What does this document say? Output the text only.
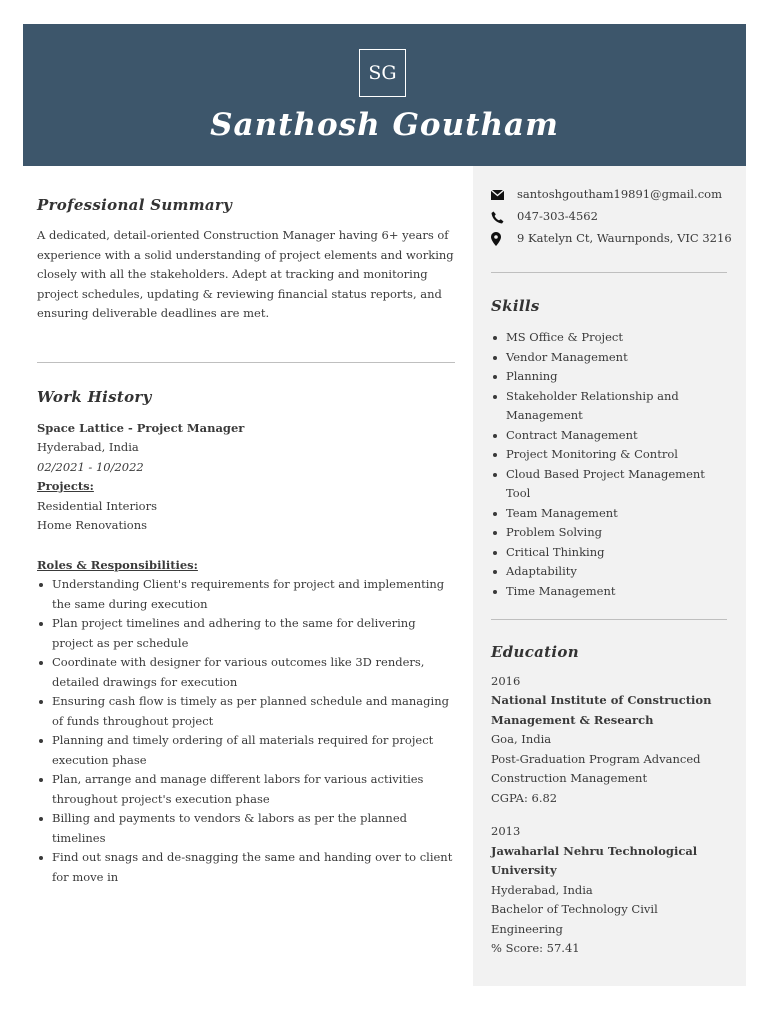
SG
Santhosh Goutham
santoshgoutham19891@gmail.com
047-303-4562
9 Katelyn Ct, Waurnponds, VIC 3216
Skills
MS Office & Project
Vendor Management
Planning
Stakeholder Relationship and Management
Contract Management
Project Monitoring & Control
Cloud Based Project Management Tool
Team Management
Problem Solving
Critical Thinking
Adaptability
Time Management
Education
2016
National Institute of Construction Management & Research
Goa, India
Post-Graduation Program Advanced Construction Management
CGPA: 6.82
2013
Jawaharlal Nehru Technological University
Hyderabad, India
Bachelor of Technology Civil Engineering
% Score: 57.41
Professional Summary
A dedicated, detail-oriented Construction Manager having 6+ years of experience with a solid understanding of project elements and working closely with all the stakeholders. Adept at tracking and monitoring project schedules, updating & reviewing financial status reports, and ensuring deliverable deadlines are met.
Work History
Space Lattice - Project Manager
Hyderabad, India
02/2021 - 10/2022
Projects:
Residential Interiors
Home Renovations
Roles & Responsibilities:
Understanding Client's requirements for project and implementing the same during execution
Plan project timelines and adhering to the same for delivering project as per schedule
Coordinate with designer for various outcomes like 3D renders, detailed drawings for execution
Ensuring cash flow is timely as per planned schedule and managing of funds throughout project
Planning and timely ordering of all materials required for project execution phase
Plan, arrange and manage different labors for various activities throughout project's execution phase
Billing and payments to vendors & labors as per the planned timelines
Find out snags and de-snagging the same and handing over to client for move in
